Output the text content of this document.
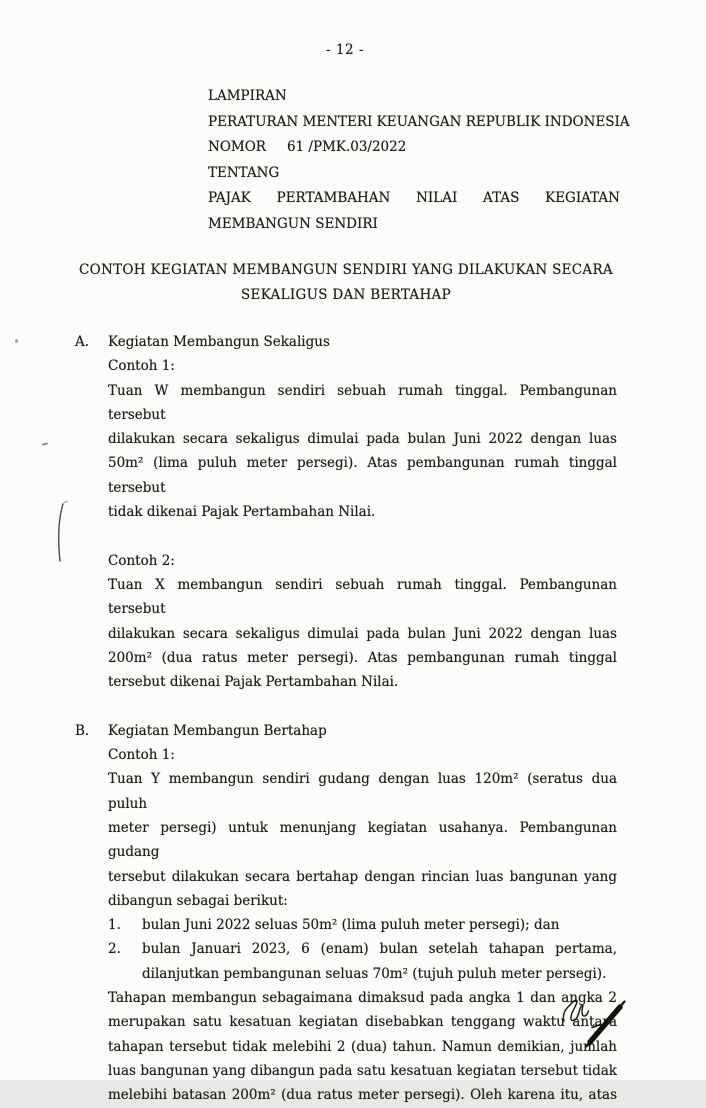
- 12 -
LAMPIRAN
PERATURAN MENTERI KEUANGAN REPUBLIK INDONESIA
NOMOR 61 /PMK.03/2022
TENTANG
PAJAK PERTAMBAHAN NILAI ATAS KEGIATAN
MEMBANGUN SENDIRI
CONTOH KEGIATAN MEMBANGUN SENDIRI YANG DILAKUKAN SECARA
SEKALIGUS DAN BERTAHAP
A.	Kegiatan Membangun Sekaligus
Contoh 1:
Tuan W membangun sendiri sebuah rumah tinggal. Pembangunan tersebut
dilakukan secara sekaligus dimulai pada bulan Juni 2022 dengan luas
50m² (lima puluh meter persegi). Atas pembangunan rumah tinggal tersebut
tidak dikenai Pajak Pertambahan Nilai.
Contoh 2:
Tuan X membangun sendiri sebuah rumah tinggal. Pembangunan tersebut
dilakukan secara sekaligus dimulai pada bulan Juni 2022 dengan luas
200m² (dua ratus meter persegi). Atas pembangunan rumah tinggal
tersebut dikenai Pajak Pertambahan Nilai.
B.	Kegiatan Membangun Bertahap
Contoh 1:
Tuan Y membangun sendiri gudang dengan luas 120m² (seratus dua puluh
meter persegi) untuk menunjang kegiatan usahanya. Pembangunan gudang
tersebut dilakukan secara bertahap dengan rincian luas bangunan yang
dibangun sebagai berikut:
1.	bulan Juni 2022 seluas 50m² (lima puluh meter persegi); dan
2.	bulan Januari 2023, 6 (enam) bulan setelah tahapan pertama,
dilanjutkan pembangunan seluas 70m² (tujuh puluh meter persegi).
Tahapan membangun sebagaimana dimaksud pada angka 1 dan angka 2
merupakan satu kesatuan kegiatan disebabkan tenggang waktu antara
tahapan tersebut tidak melebihi 2 (dua) tahun. Namun demikian, jumlah
luas bangunan yang dibangun pada satu kesatuan kegiatan tersebut tidak
melebihi batasan 200m² (dua ratus meter persegi). Oleh karena itu, atas
